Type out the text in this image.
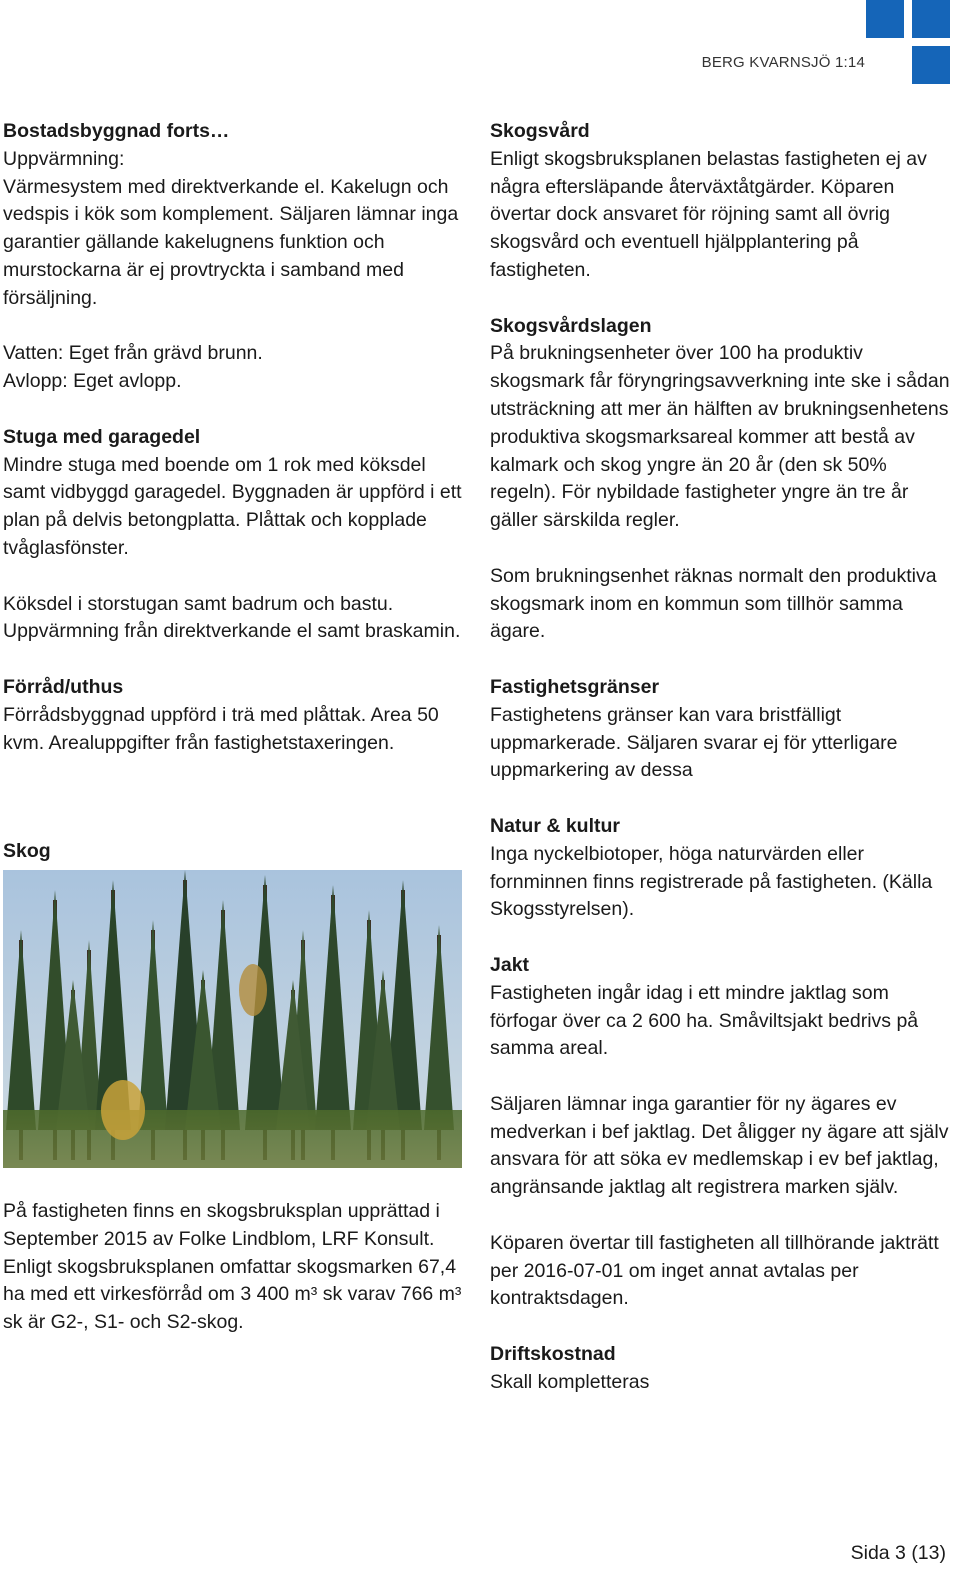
BERG KVARNSJÖ 1:14
Bostadsbyggnad forts…

Uppvärmning:
Värmesystem med direktverkande el. Kakelugn och vedspis i kök som komplement. Säljaren lämnar inga garantier gällande kakelugnens funktion och murstockarna är ej provtryckta i samband med försäljning.

Vatten: Eget från grävd brunn.
Avlopp: Eget avlopp.

Stuga med garagedel

Mindre stuga med boende om 1 rok med köksdel samt vidbyggd garagedel. Byggnaden är uppförd i ett plan på delvis betongplatta. Plåttak och kopplade tvåglasfönster.

Köksdel i storstugan samt badrum och bastu. Uppvärmning från direktverkande el samt braskamin.

Förråd/uthus

Förrådsbyggnad uppförd i trä med plåttak. Area 50 kvm. Arealuppgifter från fastighetstaxeringen.

Skog

På fastigheten finns en skogsbruksplan upprättad i September 2015 av Folke Lindblom, LRF Konsult. Enligt skogsbruksplanen omfattar skogsmarken 67,4 ha med ett virkesförråd om 3 400 m³ sk varav 766 m³ sk är G2-, S1- och S2-skog.

Skogsvård

Enligt skogsbruksplanen belastas fastigheten ej av några eftersläpande återväxtåtgärder. Köparen övertar dock ansvaret för röjning samt all övrig skogsvård och eventuell hjälpplantering på fastigheten.

Skogsvårdslagen

På brukningsenheter över 100 ha produktiv skogsmark får föryngringsavverkning inte ske i sådan utsträckning att mer än hälften av brukningsenhetens produktiva skogsmarksareal kommer att bestå av kalmark och skog yngre än 20 år (den sk 50% regeln). För nybildade fastigheter yngre än tre år gäller särskilda regler.

Som brukningsenhet räknas normalt den produktiva skogsmark inom en kommun som tillhör samma ägare.

Fastighetsgränser

Fastighetens gränser kan vara bristfälligt uppmarkerade. Säljaren svarar ej för ytterligare uppmarkering av dessa

Natur & kultur

Inga nyckelbiotoper, höga naturvärden eller fornminnen finns registrerade på fastigheten. (Källa Skogsstyrelsen).

Jakt

Fastigheten ingår idag i ett mindre jaktlag som förfogar över ca 2 600 ha. Småviltsjakt bedrivs på samma areal.

Säljaren lämnar inga garantier för ny ägares ev medverkan i bef jaktlag. Det åligger ny ägare att själv ansvara för att söka ev medlemskap i ev bef jaktlag, angränsande jaktlag alt registrera marken själv.

Köparen övertar till fastigheten all tillhörande jakträtt per 2016-07-01 om inget annat avtalas per kontraktsdagen.

Driftskostnad

Skall kompletteras

Sida 3 (13)
